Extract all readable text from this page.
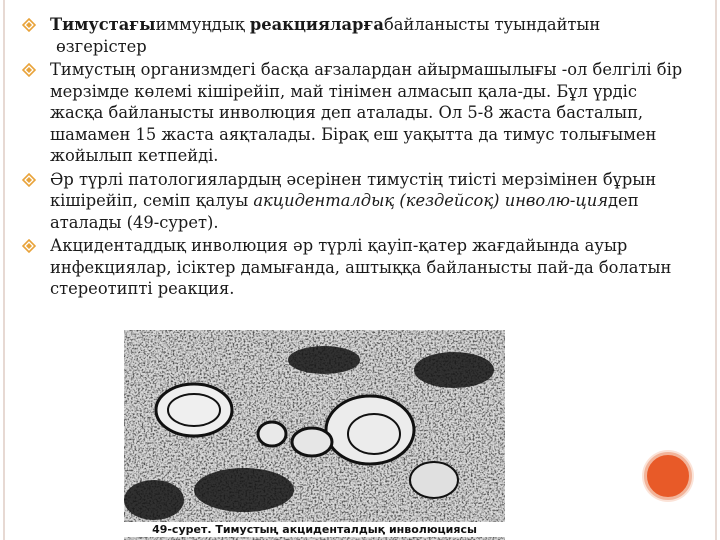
Тимустағыиммуңдық реакцияларғабайланысты туындайтын
өзгерістер
Тимустың организмдегі басқа ағзалардан айырмашылығы -ол белгілі бір мерзімде көлемі кішірейіп, май тінімен алмасып қала-ды. Бұл үрдіс жасқа байланысты инволюция деп аталады. Ол 5-8 жаста басталып, шамамен 15 жаста аяқталады. Бірақ еш уақытта да тимус толығымен жойылып кетпейді.
Әр түрлі патологиялардың әсерінен тимустің тиісті мерзімінен бұрын кішірейіп, семіп қалуы акциденталдық (кездейсоқ) инволю-циядеп аталады (49-сурет).
Акцидентаддық инволюция әр түрлі қауіп-қатер жағдайында ауыр инфекциялар, ісіктер дамығанда, аштыққа байланысты пай-да болатын стереотипті реакция.
49-сурет. Тимустың акциденталдық инволюциясы
